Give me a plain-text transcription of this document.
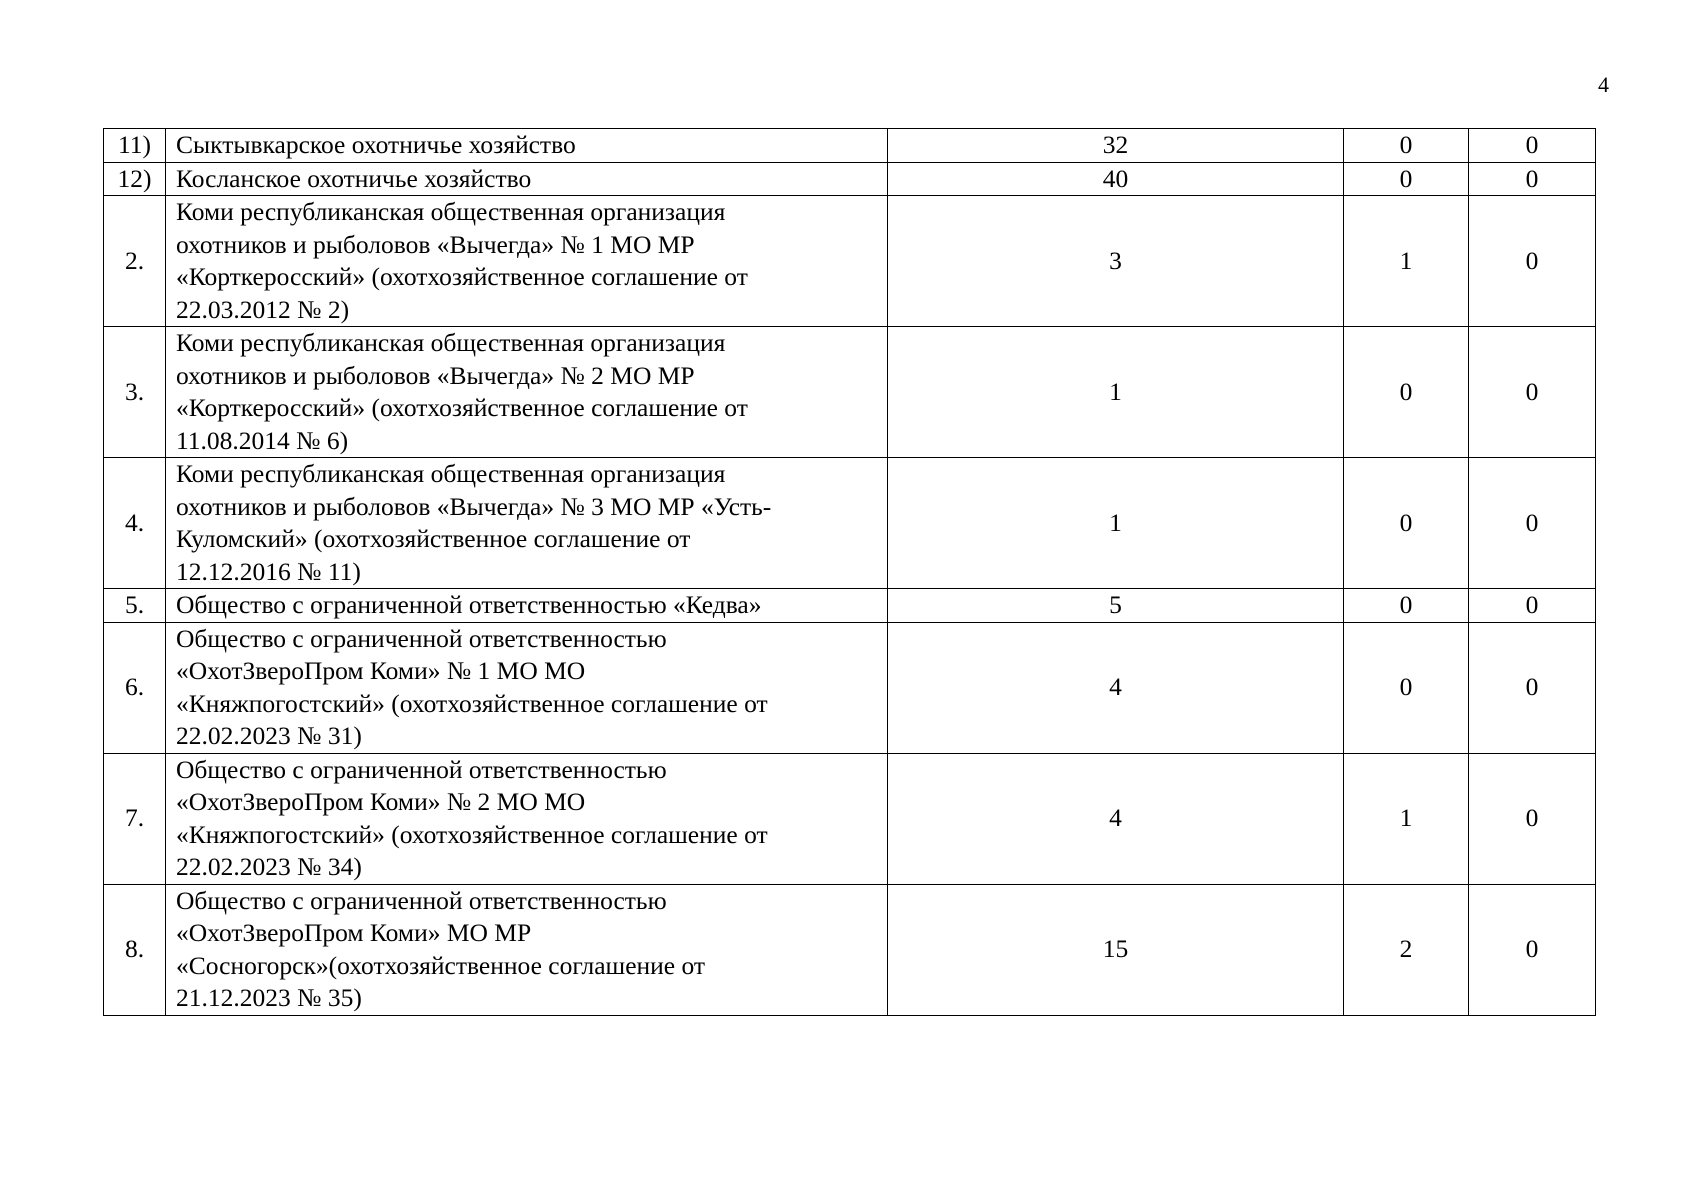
4
11)	Сыктывкарское охотничье хозяйство	32	0	0
12)	Косланское охотничье хозяйство	40	0	0
2.	Коми республиканская общественная организация
охотников и рыболовов «Вычегда» № 1 МО МР
«Корткеросский» (охотхозяйственное соглашение от
22.03.2012 № 2)	3	1	0
3.	Коми республиканская общественная организация
охотников и рыболовов «Вычегда» № 2 МО МР
«Корткеросский» (охотхозяйственное соглашение от
11.08.2014 № 6)	1	0	0
4.	Коми республиканская общественная организация
охотников и рыболовов «Вычегда» № 3 МО МР «Усть-
Куломский» (охотхозяйственное соглашение от
12.12.2016 № 11)	1	0	0
5.	Общество с ограниченной ответственностью «Кедва»	5	0	0
6.	Общество с ограниченной ответственностью
«ОхотЗвероПром Коми» № 1 МО МО
«Княжпогостский» (охотхозяйственное соглашение от
22.02.2023 № 31)	4	0	0
7.	Общество с ограниченной ответственностью
«ОхотЗвероПром Коми» № 2 МО МО
«Княжпогостский» (охотхозяйственное соглашение от
22.02.2023 № 34)	4	1	0
8.	Общество с ограниченной ответственностью
«ОхотЗвероПром Коми» МО МР
«Сосногорск»(охотхозяйственное соглашение от
21.12.2023 № 35)	15	2	0
